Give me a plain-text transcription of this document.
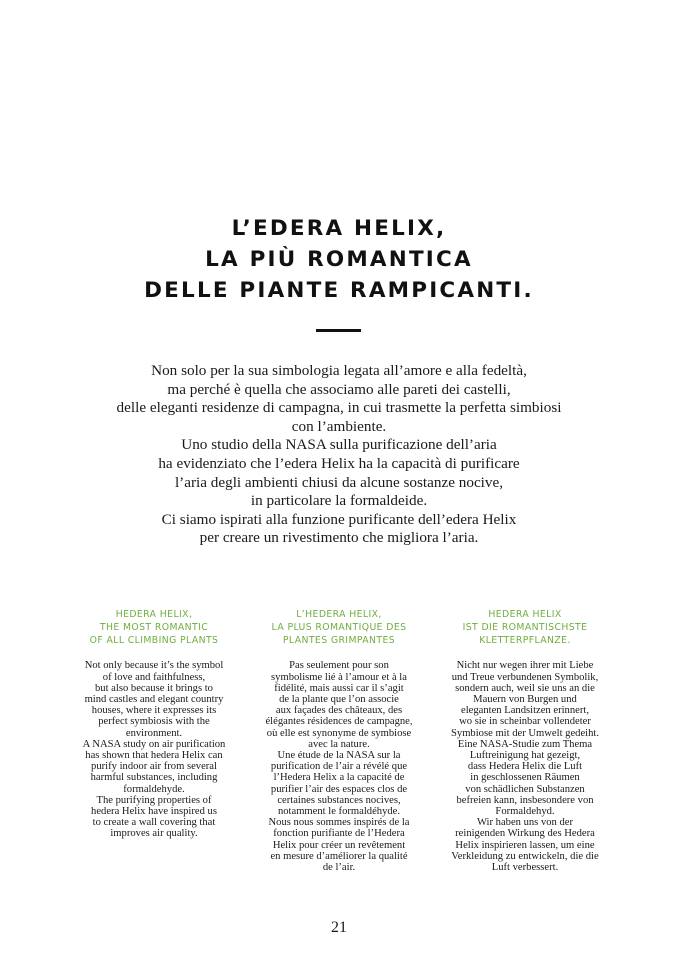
L’EDERA HELIX,
LA PIÙ ROMANTICA
DELLE PIANTE RAMPICANTI.
Non solo per la sua simbologia legata all’amore e alla fedeltà,
ma perché è quella che associamo alle pareti dei castelli,
delle eleganti residenze di campagna, in cui trasmette la perfetta simbiosi
con l’ambiente.
Uno studio della NASA sulla purificazione dell’aria
ha evidenziato che l’edera Helix ha la capacità di purificare
l’aria degli ambienti chiusi da alcune sostanze nocive,
in particolare la formaldeide.
Ci siamo ispirati alla funzione purificante dell’edera Helix
per creare un rivestimento che migliora l’aria.
HEDERA HELIX,
THE MOST ROMANTIC
OF ALL CLIMBING PLANTS
Not only because it’s the symbol
of love and faithfulness,
but also because it brings to
mind castles and elegant country
houses, where it expresses its
perfect symbiosis with the
environment.
A NASA study on air purification
has shown that hedera Helix can
purify indoor air from several
harmful substances, including
formaldehyde.
The purifying properties of
hedera Helix have inspired us
to create a wall covering that
improves air quality.
L’HEDERA HELIX,
LA PLUS ROMANTIQUE DES
PLANTES GRIMPANTES
Pas seulement pour son
symbolisme lié à l’amour et à la
fidélité, mais aussi car il s’agit
de la plante que l’on associe
aux façades des châteaux, des
élégantes résidences de campagne,
où elle est synonyme de symbiose
avec la nature.
Une étude de la NASA sur la
purification de l’air a révélé que
l’Hedera Helix a la capacité de
purifier l’air des espaces clos de
certaines substances nocives,
notamment le formaldéhyde.
Nous nous sommes inspirés de la
fonction purifiante de l’Hedera
Helix pour créer un revêtement
en mesure d’améliorer la qualité
de l’air.
HEDERA HELIX
IST DIE ROMANTISCHSTE
KLETTERPFLANZE.
Nicht nur wegen ihrer mit Liebe
und Treue verbundenen Symbolik,
sondern auch, weil sie uns an die
Mauern von Burgen und
eleganten Landsitzen erinnert,
wo sie in scheinbar vollendeter
Symbiose mit der Umwelt gedeiht.
Eine NASA-Studie zum Thema
Luftreinigung hat gezeigt,
dass Hedera Helix die Luft
in geschlossenen Räumen
von schädlichen Substanzen
befreien kann, insbesondere von
Formaldehyd.
Wir haben uns von der
reinigenden Wirkung des Hedera
Helix inspirieren lassen, um eine
Verkleidung zu entwickeln, die die
Luft verbessert.
21
